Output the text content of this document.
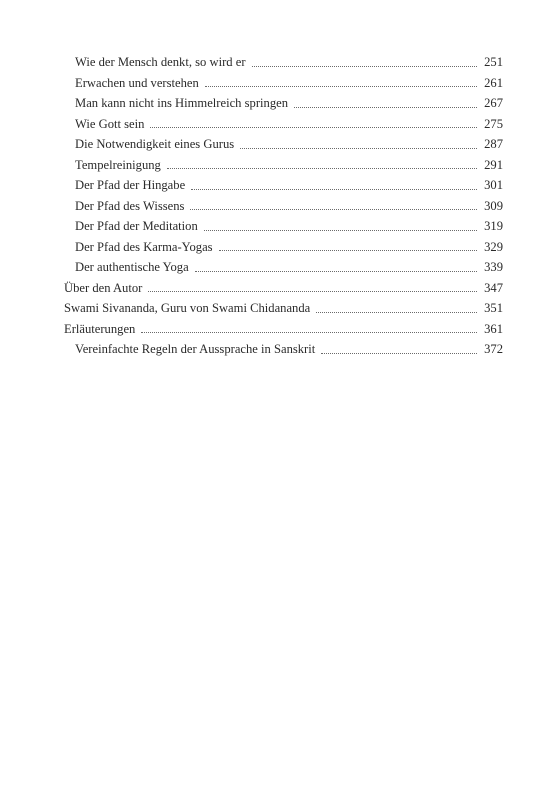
Wie der Mensch denkt, so wird er	251
Erwachen und verstehen	261
Man kann nicht ins Himmelreich springen	267
Wie Gott sein	275
Die Notwendigkeit eines Gurus	287
Tempelreinigung	291
Der Pfad der Hingabe	301
Der Pfad des Wissens	309
Der Pfad der Meditation	319
Der Pfad des Karma-Yogas	329
Der authentische Yoga	339
Über den Autor	347
Swami Sivananda, Guru von Swami Chidananda	351
Erläuterungen	361
Vereinfachte Regeln der Aussprache in Sanskrit	372
